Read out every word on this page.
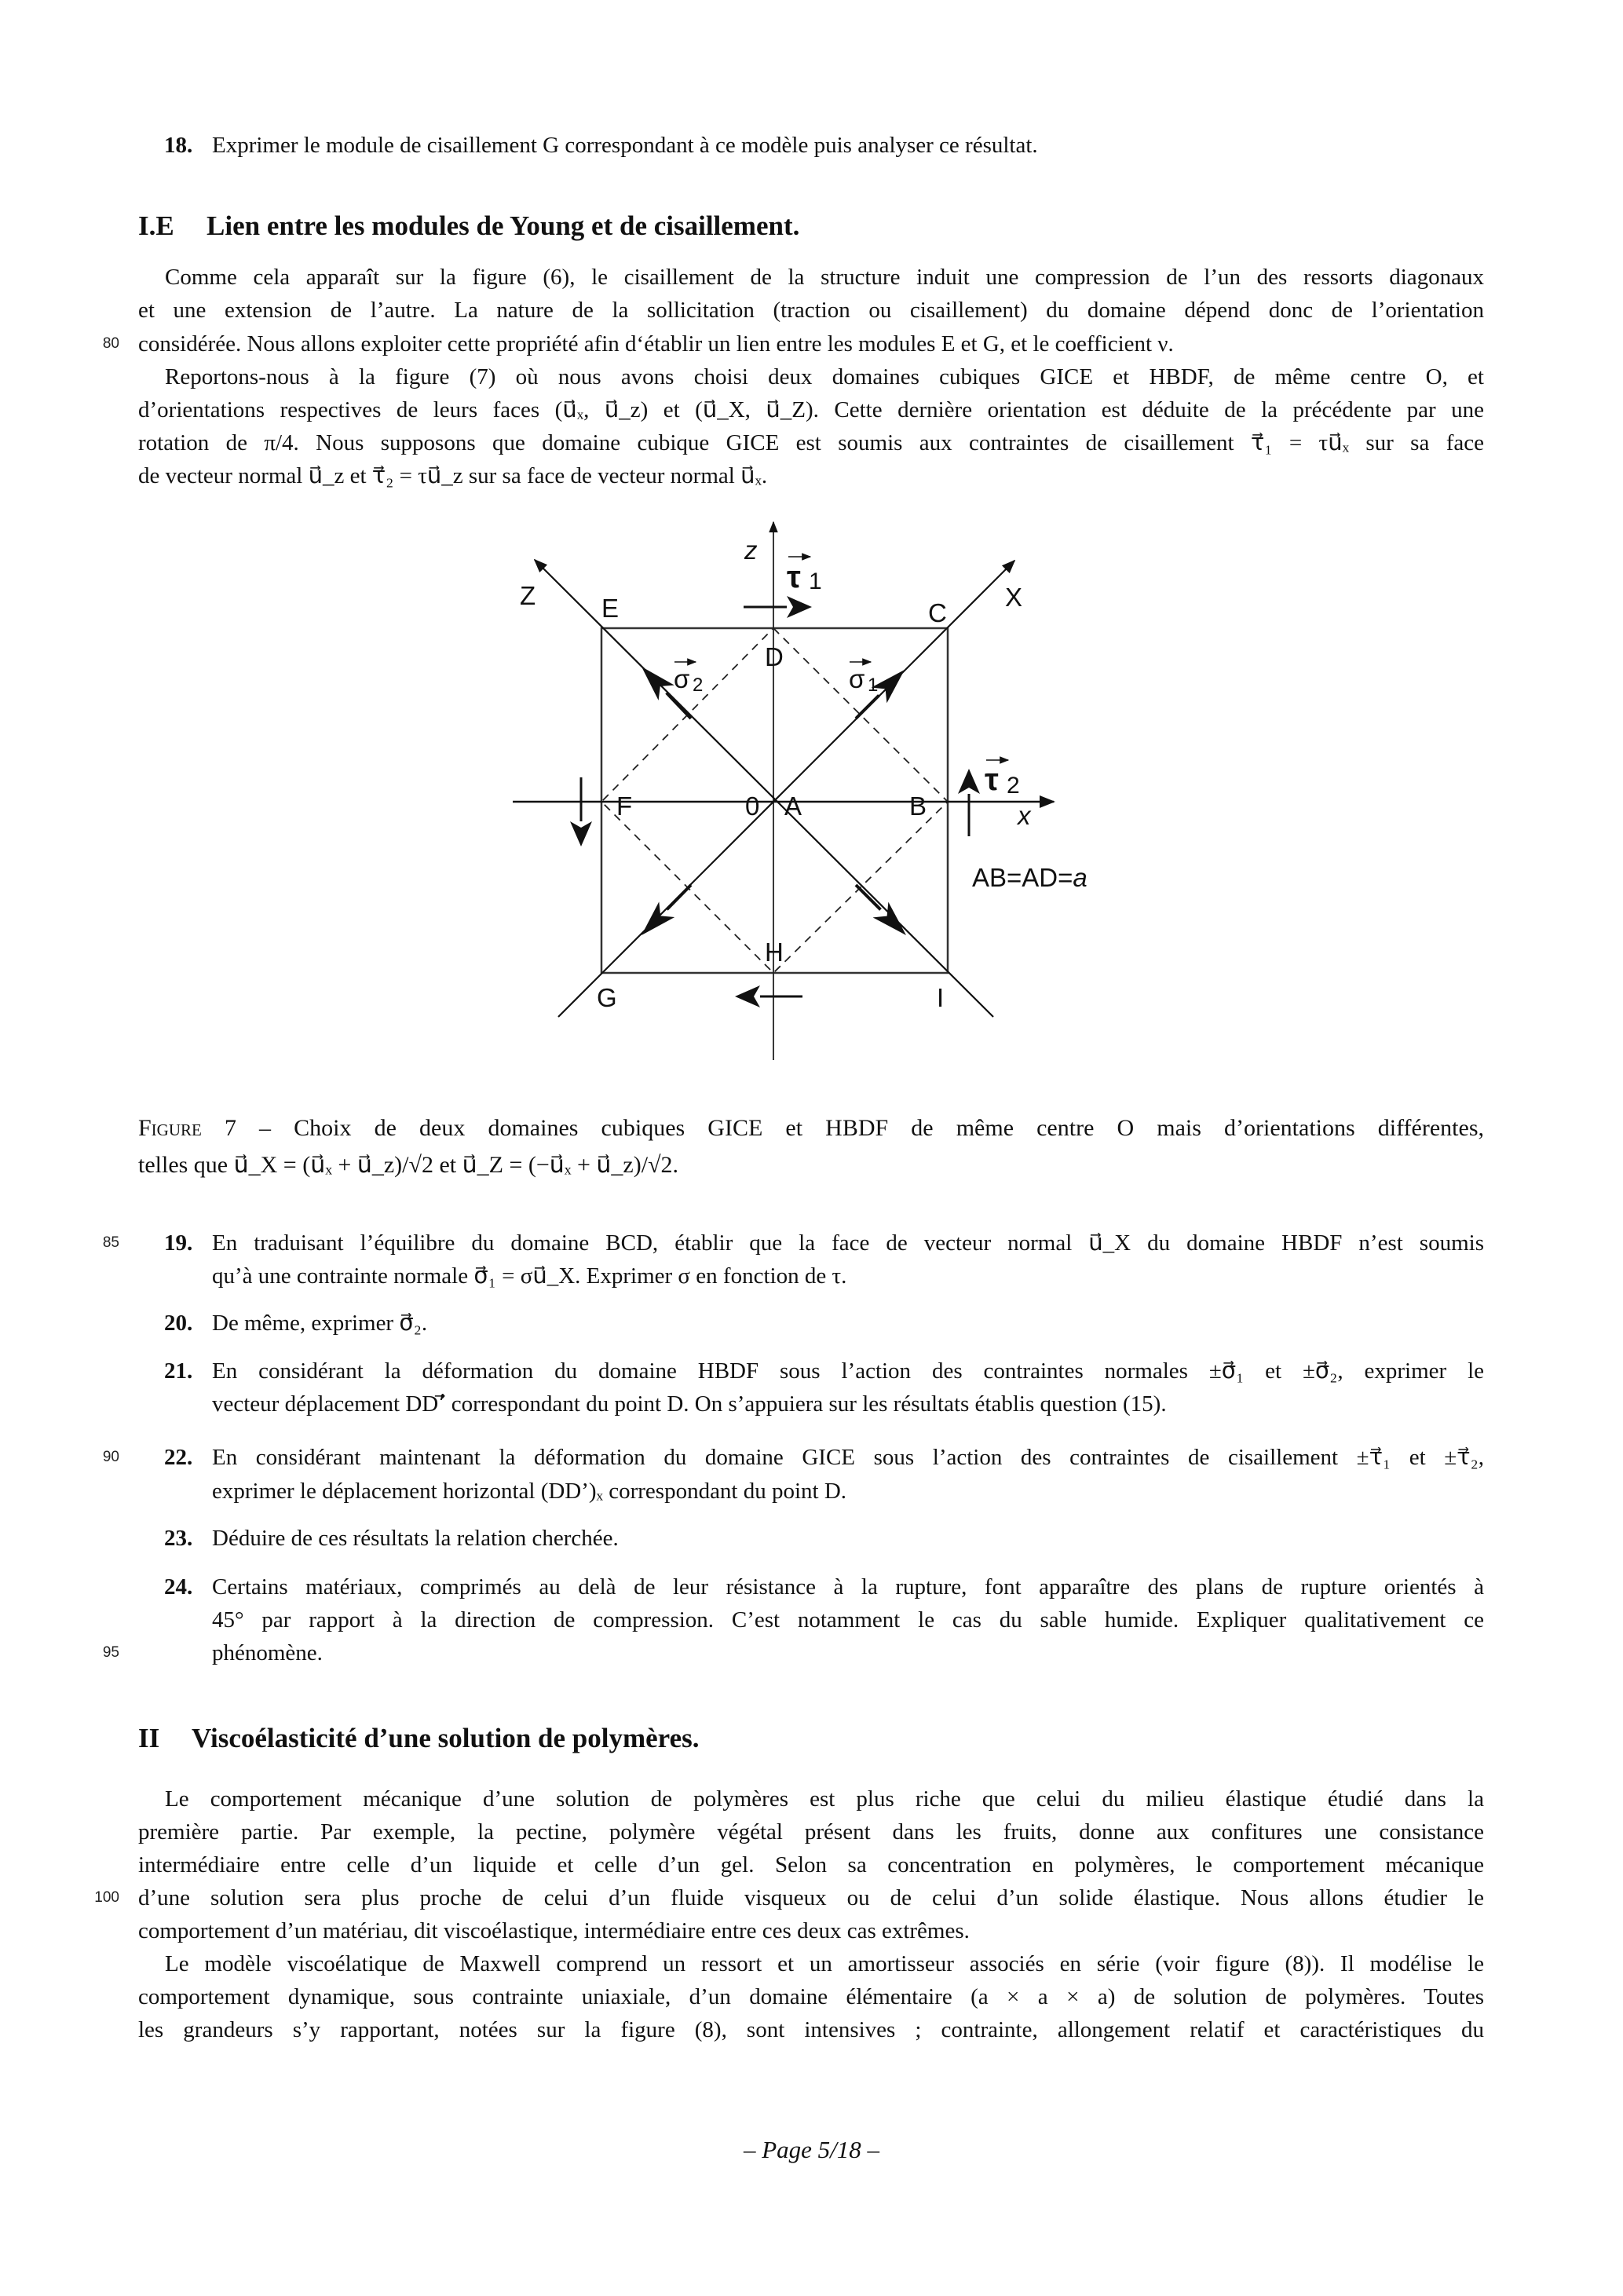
18. Exprimer le module de cisaillement G correspondant à ce modèle puis analyser ce résultat.
I.E Lien entre les modules de Young et de cisaillement.
Comme cela apparaît sur la figure (6), le cisaillement de la structure induit une compression de l’un des ressorts diagonaux
et une extension de l’autre. La nature de la sollicitation (traction ou cisaillement) du domaine dépend donc de l’orientation
considérée. Nous allons exploiter cette propriété afin d‘établir un lien entre les modules E et G, et le coefficient ν.
80
Reportons-nous à la figure (7) où nous avons choisi deux domaines cubiques GICE et HBDF, de même centre O, et
d’orientations respectives de leurs faces (u⃗ₓ, u⃗_z) et (u⃗_X, u⃗_Z). Cette dernière orientation est déduite de la précédente par une
rotation de π/4. Nous supposons que domaine cubique GICE est soumis aux contraintes de cisaillement τ⃗₁ = τu⃗ₓ sur sa face
de vecteur normal u⃗_z et τ⃗₂ = τu⃗_z sur sa face de vecteur normal u⃗ₓ.
z
x
Z	X
E	C
D
F	0 A	B
H
G	I
τ 1
τ 2
σ 2	σ 1
AB=AD=a
Figure 7 – Choix de deux domaines cubiques GICE et HBDF de même centre O mais d’orientations différentes,
telles que u⃗_X = (u⃗ₓ + u⃗_z)/√2 et u⃗_Z = (−u⃗ₓ + u⃗_z)/√2.
85 19. En traduisant l’équilibre du domaine BCD, établir que la face de vecteur normal u⃗_X du domaine HBDF n’est soumis
qu’à une contrainte normale σ⃗₁ = σu⃗_X. Exprimer σ en fonction de τ.
20. De même, exprimer σ⃗₂.
21. En considérant la déformation du domaine HBDF sous l’action des contraintes normales ±σ⃗₁ et ±σ⃗₂, exprimer le
vecteur déplacement DD’⃗ correspondant du point D. On s’appuiera sur les résultats établis question (15).
90 22. En considérant maintenant la déformation du domaine GICE sous l’action des contraintes de cisaillement ±τ⃗₁ et ±τ⃗₂,
exprimer le déplacement horizontal (DD’)ₓ correspondant du point D.
23. Déduire de ces résultats la relation cherchée.
24. Certains matériaux, comprimés au delà de leur résistance à la rupture, font apparaître des plans de rupture orientés à
45° par rapport à la direction de compression. C’est notamment le cas du sable humide. Expliquer qualitativement ce
95	phénomène.
II Viscoélasticité d’une solution de polymères.
Le comportement mécanique d’une solution de polymères est plus riche que celui du milieu élastique étudié dans la
première partie. Par exemple, la pectine, polymère végétal présent dans les fruits, donne aux confitures une consistance
intermédiaire entre celle d’un liquide et celle d’un gel. Selon sa concentration en polymères, le comportement mécanique
100 d’une solution sera plus proche de celui d’un fluide visqueux ou de celui d’un solide élastique. Nous allons étudier le
comportement d’un matériau, dit viscoélastique, intermédiaire entre ces deux cas extrêmes.
Le modèle viscoélatique de Maxwell comprend un ressort et un amortisseur associés en série (voir figure (8)). Il modélise le
comportement dynamique, sous contrainte uniaxiale, d’un domaine élémentaire (a × a × a) de solution de polymères. Toutes
les grandeurs s’y rapportant, notées sur la figure (8), sont intensives ; contrainte, allongement relatif et caractéristiques du
– Page 5/18 –
